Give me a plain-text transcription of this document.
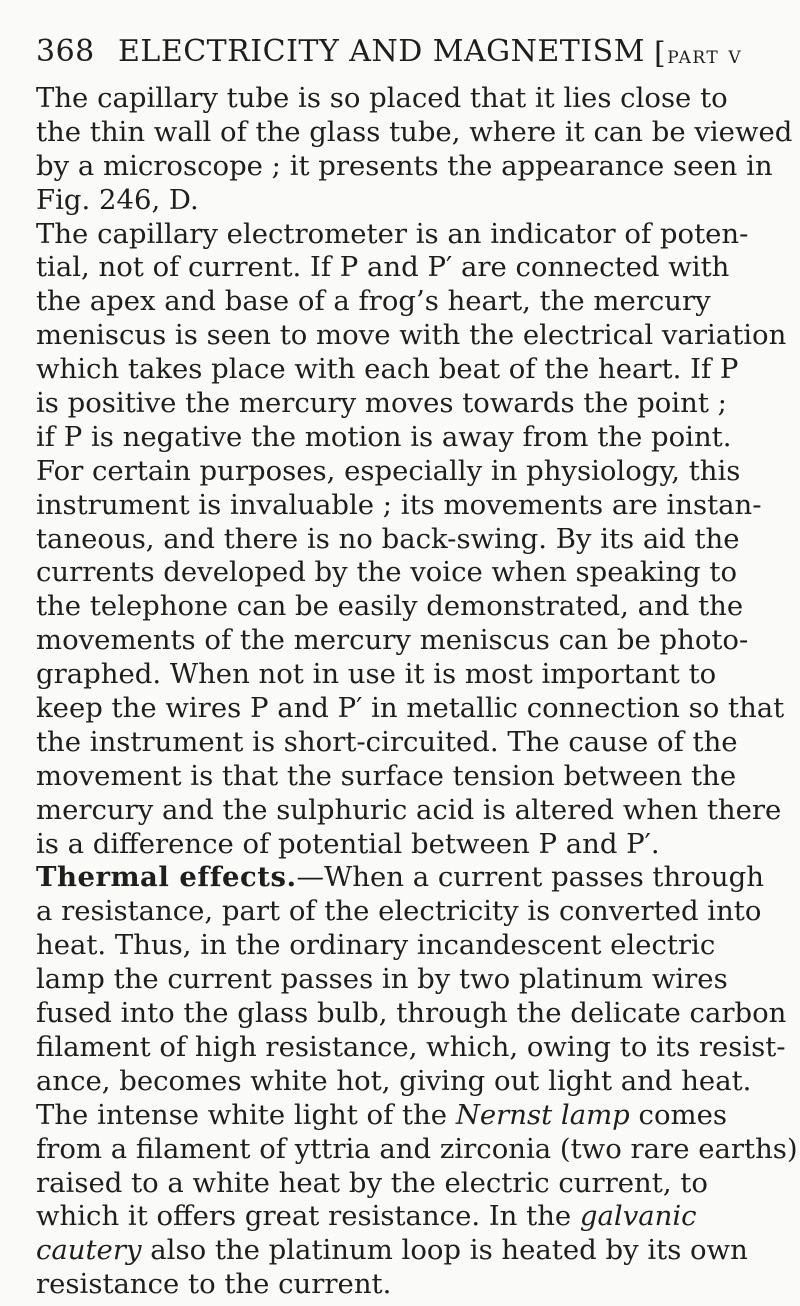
368 ELECTRICITY AND MAGNETISM [part v
The capillary tube is so placed that it lies close to
the thin wall of the glass tube, where it can be viewed
by a microscope ; it presents the appearance seen in
Fig. 246, D.
The capillary electrometer is an indicator of poten-
tial, not of current. If P and P′ are connected with
the apex and base of a frog’s heart, the mercury
meniscus is seen to move with the electrical variation
which takes place with each beat of the heart. If P
is positive the mercury moves towards the point ;
if P is negative the motion is away from the point.
For certain purposes, especially in physiology, this
instrument is invaluable ; its movements are instan-
taneous, and there is no back-swing. By its aid the
currents developed by the voice when speaking to
the telephone can be easily demonstrated, and the
movements of the mercury meniscus can be photo-
graphed. When not in use it is most important to
keep the wires P and P′ in metallic connection so that
the instrument is short-circuited. The cause of the
movement is that the surface tension between the
mercury and the sulphuric acid is altered when there
is a difference of potential between P and P′.
Thermal effects.—When a current passes through
a resistance, part of the electricity is converted into
heat. Thus, in the ordinary incandescent electric
lamp the current passes in by two platinum wires
fused into the glass bulb, through the delicate carbon
filament of high resistance, which, owing to its resist-
ance, becomes white hot, giving out light and heat.
The intense white light of the Nernst lamp comes
from a filament of yttria and zirconia (two rare earths)
raised to a white heat by the electric current, to
which it offers great resistance. In the galvanic
cautery also the platinum loop is heated by its own
resistance to the current.
